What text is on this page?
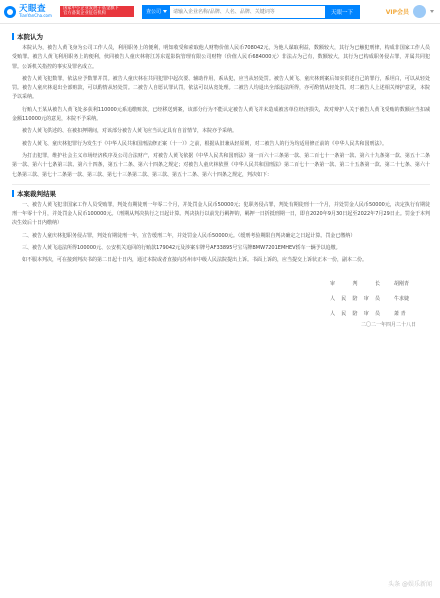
天眼查
TianYanCha.com
国家中小企业发展子基金旗下
官方备案企业征信机构	查公司
请输入企业名称/品牌、人名、品牌、关键词等	天眼一下	VIP会员
本院认为

本院认为，被告人黄飞身为公司工作人员，利用职务上的便利，明知收受和索取他人财物价值人民币708042元，为他人谋取利益，数额较大，其行为已触犯刑律，构成非国家工作人员受贿罪。被告人黄飞利用职务上的便利，伙同被告人童庆林将江苏东霆影院管理有限公司财物（价值人民币684000元）非法占为己有，数额较大，其行为已构成职务侵占罪，并属共同犯罪。公诉机关指控的事实及罪名成立。

被告人黄飞犯数罪，依法应予数罪并罚。被告人童庆林在共同犯罪中起次要、辅助作用，系从犯，应当从轻处罚。被告人黄飞、童庆林到案后如实供述自己的罪行，系坦白，可以从轻处罚。被告人童庆林退出全部赃款，可以酌情从轻处罚。二被告人自愿认罪认罚，依法可以从宽处理。二被告人均退出全部违法所得，亦可酌情从轻处罚。对二被告人上述相关辩护意见，本院予以采纳。

行贿人王某从被告人黄飞处多获利110000元系追缴赃款，已经移送到案，该部分行为不能认定被告人黄飞并未造成被害单位经济损失，故对辩护人关于被告人黄飞受贿的数额应当扣减金额110000元的意见，本院不予采纳。

被告人黄飞供述的、在被扣押期间，对该部分被告人黄飞应当认定具有自首情节，本院亦予采纳。

被告人黄飞、童庆林犯罪行为发生于《中华人民共和国刑法修正案（十一）》之前，根据从旧兼从轻原则，对二被告人的行为均适用修正前的《中华人民共和国刑法》。

为打击犯罪，维护社会主义市场经济秩序及公司合法财产，对被告人黄飞依据《中华人民共和国刑法》第一百六十三条第一款、第二百七十一条第一款、第六十九条第一款、第五十二条第一款、第六十七条第三款、第六十四条，第五十二条、第六十四条之规定；对被告人童庆林依照《中华人民共和国刑法》第二百七十一条第一款、第二十五条第一款、第二十七条、第六十七条第三款、第七十二条第一款、第三款、第七十三条第二款、第三款、第五十二条、第六十四条之规定，判决如下：

本案裁判结果

一、被告人黄飞犯非国家工作人员受贿罪，判处有期徒刑一年零二个月，并处罚金人民币50000元；犯职务侵占罪，判处有期徒刑十一个月，并处罚金人民币50000元，决定执行有期徒刑一年零十个月，并处罚金人民币100000元。（刑期从判决执行之日起计算。判决执行以前先行羁押的，羁押一日折抵刑期一日，即自2020年9月30日起至2022年7月29日止。罚金于本判决生效后十日内缴纳）

二、被告人童庆林犯职务侵占罪，判处有期徒刑一年，宣告缓刑二年，并处罚金人民币50000元。（缓刑考验期限自判决确定之日起计算。罚金已缴纳）

三、被告人黄飞违法所得100000元、公安机关追回的行贿款179042元及涉案车牌号AF33895号宝马牌BMW7201EMHEV轿车一辆予以追缴。

如不服本判决，可在接到判决书的第二日起十日内，通过本院或者直接向苏州市中级人民法院提出上诉。书面上诉的，应当提交上诉状正本一份，副本二份。

审 判 长	胡刚青
人民陪审员	牛求婕
人民陪审员	萧 青
二〇二一年四月二十八日
头条 @娱乐新闻
